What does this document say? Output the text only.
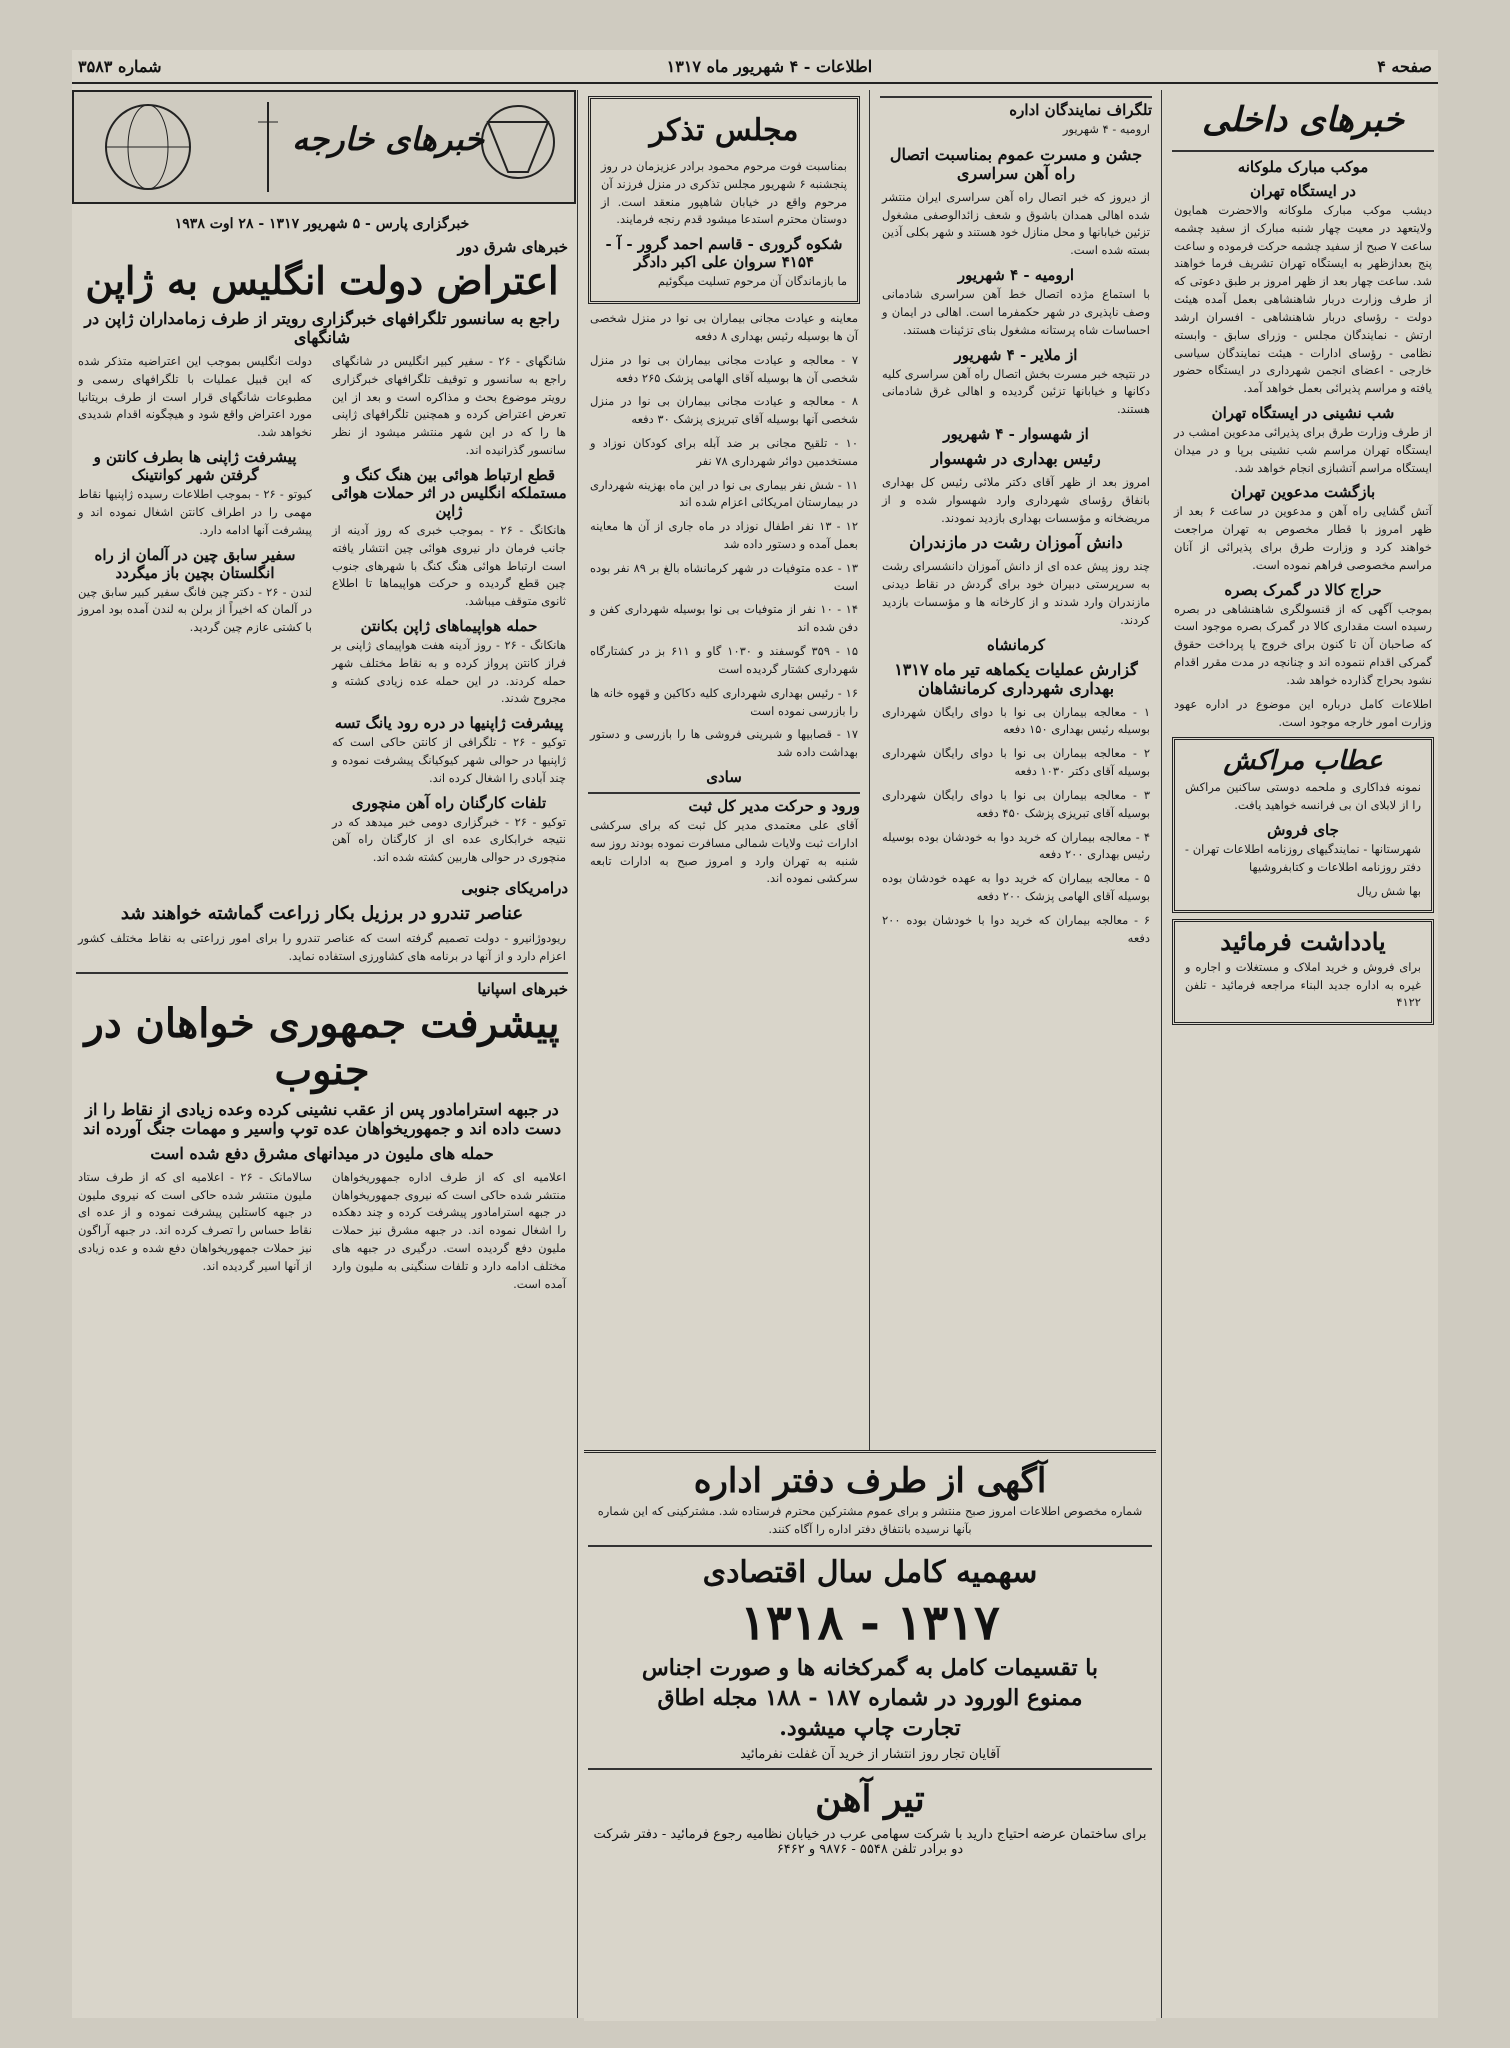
صفحه ۴
اطلاعات - ۴ شهریور ماه ۱۳۱۷
شماره ۳۵۸۳
خبرهای داخلی
موکب مبارک ملوکانه
در ایستگاه تهران

دیشب موکب مبارک ملوکانه والاحضرت همایون ولایتعهد در معیت چهار شنبه مبارک از سفید چشمه ساعت ۷ صبح از سفید چشمه حرکت فرموده و ساعت پنج بعدازظهر به ایستگاه تهران تشریف فرما خواهند شد. ساعت چهار بعد از ظهر امروز بر طبق دعوتی که از طرف وزارت دربار شاهنشاهی بعمل آمده هیئت دولت - رؤسای دربار شاهنشاهی - افسران ارشد ارتش - نمایندگان مجلس - وزرای سابق - وابسته نظامی - رؤسای ادارات - هیئت نمایندگان سیاسی خارجی - اعضای انجمن شهرداری در ایستگاه حضور یافته و مراسم پذیرائی بعمل خواهد آمد.

شب نشینی در ایستگاه تهران

از طرف وزارت طرق برای پذیرائی مدعوین امشب در ایستگاه تهران مراسم شب نشینی برپا و در میدان ایستگاه مراسم آتشبازی انجام خواهد شد.

بازگشت مدعوین تهران

آتش گشایی راه آهن و مدعوین در ساعت ۶ بعد از ظهر امروز با قطار مخصوص به تهران مراجعت خواهند کرد و وزارت طرق برای پذیرائی از آنان مراسم مخصوصی فراهم نموده است.

حراج کالا در گمرک بصره

بموجب آگهی که از قنسولگری شاهنشاهی در بصره رسیده است مقداری کالا در گمرک بصره موجود است که صاحبان آن تا کنون برای خروج یا پرداخت حقوق گمرکی اقدام ننموده اند و چنانچه در مدت مقرر اقدام نشود بحراج گذارده خواهد شد.

اطلاعات کامل درباره این موضوع در اداره عهود وزارت امور خارجه موجود است.

عطاب مراکش

نمونه فداکاری و ملحمه دوستی ساکنین مراکش را از لابلای ان بی فرانسه خواهید یافت.

جای فروش

شهرستانها - نمایندگیهای روزنامه اطلاعات تهران - دفتر روزنامه اطلاعات و کتابفروشیها

بها شش ریال

یادداشت فرمائید

برای فروش و خرید املاک و مستغلات و اجاره و غیره به اداره جدید البناء مراجعه فرمائید - تلفن ۴۱۲۲

تلگراف نمایندگان اداره

ارومیه - ۴ شهریور

جشن و مسرت عموم بمناسبت اتصال راه آهن سراسری

از دیروز که خبر اتصال راه آهن سراسری ایران منتشر شده اهالی همدان باشوق و شعف زائدالوصفی مشغول تزئین خیابانها و محل منازل خود هستند و شهر بکلی آذین بسته شده است.

ارومیه - ۴ شهریور

با استماع مژده اتصال خط آهن سراسری شادمانی وصف ناپذیری در شهر حکمفرما است. اهالی در ایمان و احساسات شاه پرستانه مشغول بنای تزئینات هستند.

از ملایر - ۴ شهریور

در نتیجه خبر مسرت بخش اتصال راه آهن سراسری کلیه دکانها و خیابانها تزئین گردیده و اهالی غرق شادمانی هستند.

از شهسوار - ۴ شهریور
رئیس بهداری در شهسوار

امروز بعد از ظهر آقای دکتر ملائی رئیس کل بهداری بانفاق رؤسای شهرداری وارد شهسوار شده و از مریضخانه و مؤسسات بهداری بازدید نمودند.

دانش آموزان رشت در مازندران

چند روز پیش عده ای از دانش آموزان دانشسرای رشت به سرپرستی دبیران خود برای گردش در نقاط دیدنی مازندران وارد شدند و از کارخانه ها و مؤسسات بازدید کردند.

کرمانشاه
گزارش عملیات یکماهه تیر ماه ۱۳۱۷ بهداری شهرداری کرمانشاهان

۱ - معالجه بیماران بی نوا با دوای رایگان شهرداری بوسیله رئیس بهداری ۱۵۰ دفعه

۲ - معالجه بیماران بی نوا با دوای رایگان شهرداری بوسیله آقای دکتر ۱۰۳۰ دفعه

۳ - معالجه بیماران بی نوا با دوای رایگان شهرداری بوسیله آقای تبریزی پزشک ۴۵۰ دفعه

۴ - معالجه بیماران که خرید دوا به خودشان بوده بوسیله رئیس بهداری ۲۰۰ دفعه

۵ - معالجه بیماران که خرید دوا به عهده خودشان بوده بوسیله آقای الهامی پزشک ۲۰۰ دفعه

۶ - معالجه بیماران که خرید دوا با خودشان بوده ۲۰۰ دفعه

مجلس تذکر

بمناسبت فوت مرحوم محمود برادر عزیزمان در روز پنجشنبه ۶ شهریور مجلس تذکری در منزل فرزند آن مرحوم واقع در خیابان شاهپور منعقد است. از دوستان محترم استدعا میشود قدم رنجه فرمایند.

شکوه گروری - قاسم احمد گرور - آ - ۴۱۵۴ سروان علی اکبر دادگر

ما بازماندگان آن مرحوم تسلیت میگوئیم

معاینه و عیادت مجانی بیماران بی نوا در منزل شخصی آن ها بوسیله رئیس بهداری ۸ دفعه

۷ - معالجه و عیادت مجانی بیماران بی نوا در منزل شخصی آن ها بوسیله آقای الهامی پزشک ۲۶۵ دفعه

۸ - معالجه و عیادت مجانی بیماران بی نوا در منزل شخصی آنها بوسیله آقای تبریزی پزشک ۳۰ دفعه

۱۰ - تلقیح مجانی بر ضد آبله برای کودکان نوزاد و مستخدمین دوائر شهرداری ۷۸ نفر

۱۱ - شش نفر بیماری بی نوا در این ماه بهزینه شهرداری در بیمارستان امریکائی اعزام شده اند

۱۲ - ۱۳ نفر اطفال نوزاد در ماه جاری از آن ها معاینه بعمل آمده و دستور داده شد

۱۳ - عده متوفیات در شهر کرمانشاه بالغ بر ۸۹ نفر بوده است

۱۴ - ۱۰ نفر از متوفیات بی نوا بوسیله شهرداری کفن و دفن شده اند

۱۵ - ۳۵۹ گوسفند و ۱۰۳۰ گاو و ۶۱۱ بز در کشتارگاه شهرداری کشتار گردیده است

۱۶ - رئیس بهداری شهرداری کلیه دکاکین و قهوه خانه ها را بازرسی نموده است

۱۷ - قصابیها و شیرینی فروشی ها را بازرسی و دستور بهداشت داده شد

سادی
ورود و حرکت مدیر کل ثبت

آقای علی معتمدی مدیر کل ثبت که برای سرکشی ادارات ثبت ولایات شمالی مسافرت نموده بودند روز سه شنبه به تهران وارد و امروز صبح به ادارات تابعه سرکشی نموده اند.

آگهی از طرف دفتر اداره

شماره مخصوص اطلاعات امروز صبح منتشر و برای عموم مشترکین محترم فرستاده شد. مشترکینی که این شماره بآنها نرسیده بانتفاق دفتر اداره را آگاه کنند.

سهمیه کامل سال اقتصادی
۱۳۱۷ - ۱۳۱۸
با تقسیمات کامل به گمرکخانه ها و صورت اجناس
ممنوع الورود در شماره ۱۸۷ - ۱۸۸ مجله اطاق
تجارت چاپ میشود.
آقایان تجار روز انتشار از خرید آن غفلت نفرمائید
تیر آهن
برای ساختمان عرضه احتیاج دارید با شرکت سهامی عرب در خیابان نظامیه رجوع فرمائید - دفتر شرکت دو برادر تلفن ۵۵۴۸ - ۹۸۷۶ و ۶۴۶۲
خبرهای خارجه
خبرگزاری پارس - ۵ شهریور ۱۳۱۷ - ۲۸ اوت ۱۹۳۸
خبرهای شرق دور
اعتراض دولت انگلیس به ژاپن
راجع به سانسور تلگرافهای خبرگزاری رویتر از طرف زمامداران ژاپن در شانگهای

شانگهای - ۲۶ - سفیر کبیر انگلیس در شانگهای راجع به سانسور و توقیف تلگرافهای خبرگزاری رویتر موضوع بحث و مذاکره است و بعد از این تعرض اعتراض کرده و همچنین تلگرافهای ژاپنی ها را که در این شهر منتشر میشود از نظر سانسور گذرانیده اند.

قطع ارتباط هوائی بین هنگ کنگ و مستملکه انگلیس در اثر حملات هوائی ژاپن

هانکانگ - ۲۶ - بموجب خبری که روز آدینه از جانب فرمان دار نیروی هوائی چین انتشار یافته است ارتباط هوائی هنگ کنگ با شهرهای جنوب چین قطع گردیده و حرکت هواپیماها تا اطلاع ثانوی متوقف میباشد.

حمله هواپیماهای ژاپن بکانتن

هانکانگ - ۲۶ - روز آدینه هفت هواپیمای ژاپنی بر فراز کانتن پرواز کرده و به نقاط مختلف شهر حمله کردند. در این حمله عده زیادی کشته و مجروح شدند.

پیشرفت ژاپنیها در دره رود یانگ تسه

توکیو - ۲۶ - تلگرافی از کانتن حاکی است که ژاپنیها در حوالی شهر کیوکیانگ پیشرفت نموده و چند آبادی را اشغال کرده اند.

تلفات کارگنان راه آهن منچوری

توکیو - ۲۶ - خبرگزاری دومی خبر میدهد که در نتیجه خرابکاری عده ای از کارگنان راه آهن منچوری در حوالی هاربین کشته شده اند.

دولت انگلیس بموجب این اعتراضیه متذکر شده که این قبیل عملیات با تلگرافهای رسمی و مطبوعات شانگهای قرار است از طرف بریتانیا مورد اعتراض واقع شود و هیچگونه اقدام شدیدی نخواهد شد.

پیشرفت ژاپنی ها بطرف کانتن و گرفتن شهر کوانتینک

کیوتو - ۲۶ - بموجب اطلاعات رسیده ژاپنیها نقاط مهمی را در اطراف کانتن اشغال نموده اند و پیشرفت آنها ادامه دارد.

سفیر سابق چین در آلمان از راه انگلستان بچین باز میگردد

لندن - ۲۶ - دکتر چین فانگ سفیر کبیر سابق چین در آلمان که اخیراً از برلن به لندن آمده بود امروز با کشتی عازم چین گردید.

درامریکای جنوبی
عناصر تندرو در برزیل بکار زراعت گماشته خواهند شد

ریودوژانیرو - دولت تصمیم گرفته است که عناصر تندرو را برای امور زراعتی به نقاط مختلف کشور اعزام دارد و از آنها در برنامه های کشاورزی استفاده نماید.

خبرهای اسپانیا
پیشرفت جمهوری خواهان در جنوب
در جبهه استرامادور پس از عقب نشینی کرده وعده زیادی از نقاط را از دست داده اند و جمهوریخواهان عده توپ واسیر و مهمات جنگ آورده اند
حمله های ملیون در میدانهای مشرق دفع شده است

اعلامیه ای که از طرف اداره جمهوریخواهان منتشر شده حاکی است که نیروی جمهوریخواهان در جبهه استرامادور پیشرفت کرده و چند دهکده را اشغال نموده اند. در جبهه مشرق نیز حملات ملیون دفع گردیده است. درگیری در جبهه های مختلف ادامه دارد و تلفات سنگینی به ملیون وارد آمده است.

سالامانک - ۲۶ - اعلامیه ای که از طرف ستاد ملیون منتشر شده حاکی است که نیروی ملیون در جبهه کاستلین پیشرفت نموده و از عده ای نقاط حساس را تصرف کرده اند. در جبهه آراگون نیز حملات جمهوریخواهان دفع شده و عده زیادی از آنها اسیر گردیده اند.
